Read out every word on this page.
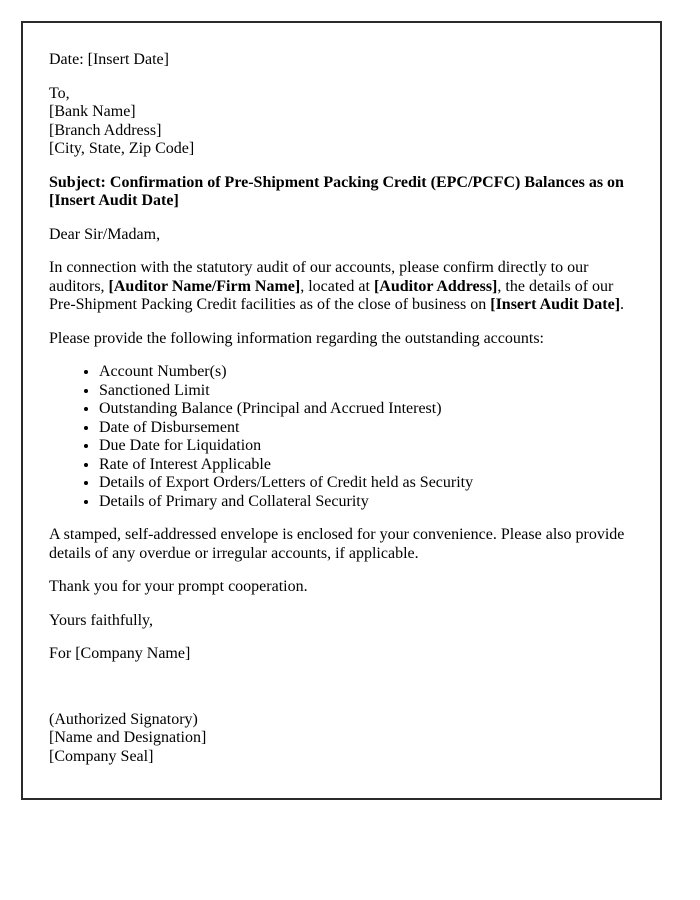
Date: [Insert Date]

To,
[Bank Name]
[Branch Address]
[City, State, Zip Code]

Subject: Confirmation of Pre-Shipment Packing Credit (EPC/PCFC) Balances as on [Insert Audit Date]

Dear Sir/Madam,

In connection with the statutory audit of our accounts, please confirm directly to our auditors, [Auditor Name/Firm Name], located at [Auditor Address], the details of our Pre-Shipment Packing Credit facilities as of the close of business on [Insert Audit Date].

Please provide the following information regarding the outstanding accounts:

• Account Number(s)
• Sanctioned Limit
• Outstanding Balance (Principal and Accrued Interest)
• Date of Disbursement
• Due Date for Liquidation
• Rate of Interest Applicable
• Details of Export Orders/Letters of Credit held as Security
• Details of Primary and Collateral Security

A stamped, self-addressed envelope is enclosed for your convenience. Please also provide details of any overdue or irregular accounts, if applicable.

Thank you for your prompt cooperation.

Yours faithfully,

For [Company Name]

(Authorized Signatory)
[Name and Designation]
[Company Seal]
